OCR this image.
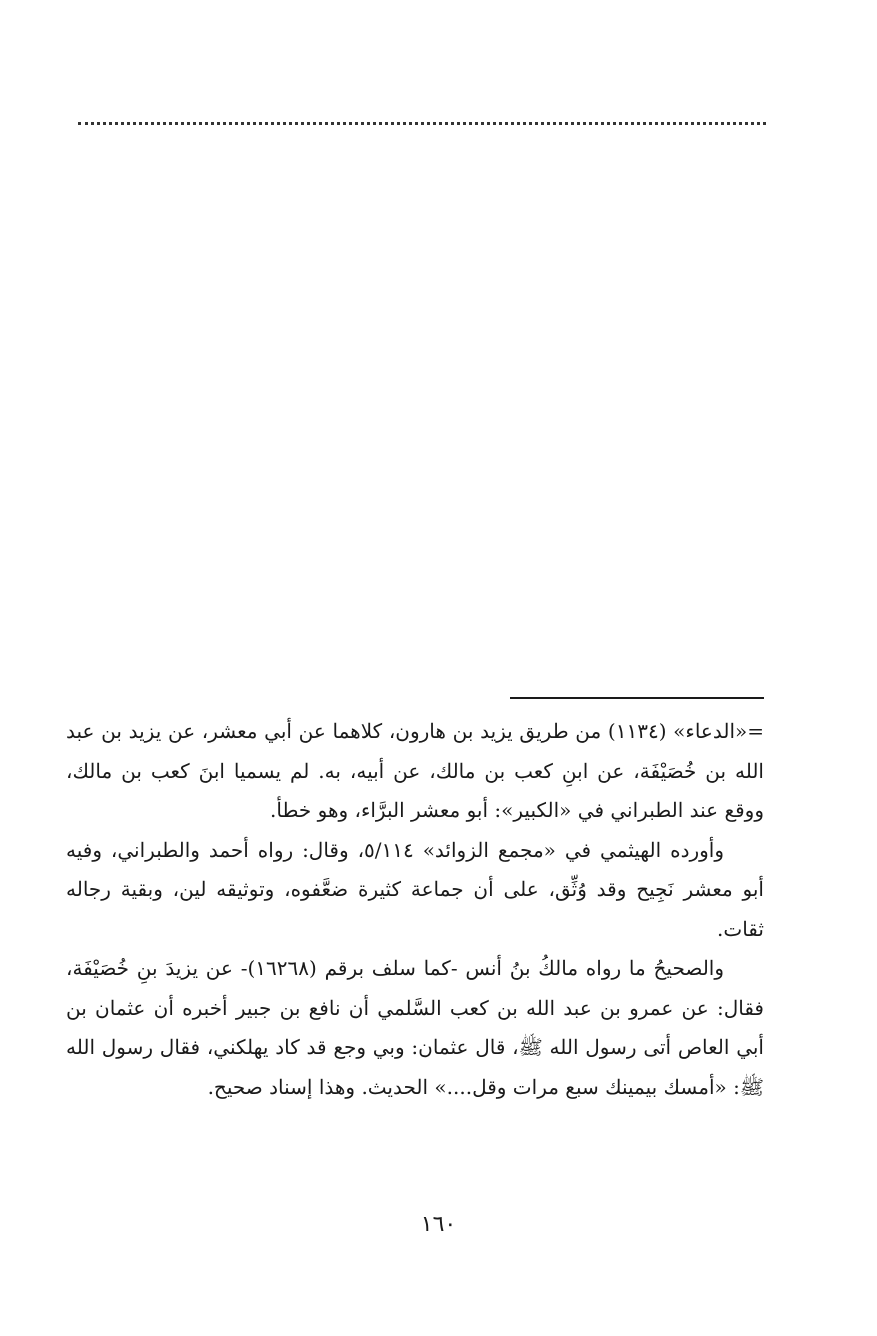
=«الدعاء» (١١٣٤) من طريق يزيد بن هارون، كلاهما عن أبي معشر، عن يزيد بن عبد الله بن خُصَيْفَة، عن ابنِ كعب بن مالك، عن أبيه، به. لم يسميا ابنَ كعب بن مالك، ووقع عند الطبراني في «الكبير»: أبو معشر البرَّاء، وهو خطأ.

وأورده الهيثمي في «مجمع الزوائد» ٥/١١٤، وقال: رواه أحمد والطبراني، وفيه أبو معشر نَجِيح وقد وُثِّق، على أن جماعة كثيرة ضعَّفوه، وتوثيقه لين، وبقية رجاله ثقات.

والصحيحُ ما رواه مالكُ بنُ أنس -كما سلف برقم (١٦٢٦٨)- عن يزيدَ بنِ خُصَيْفَة، فقال: عن عمرو بن عبد الله بن كعب السَّلمي أن نافع بن جبير أخبره أن عثمان بن أبي العاص أتى رسول الله ﷺ، قال عثمان: وبي وجع قد كاد يهلكني، فقال رسول الله ﷺ: «أمسك بيمينك سبع مرات وقل....» الحديث. وهذا إسناد صحيح.

١٦٠
